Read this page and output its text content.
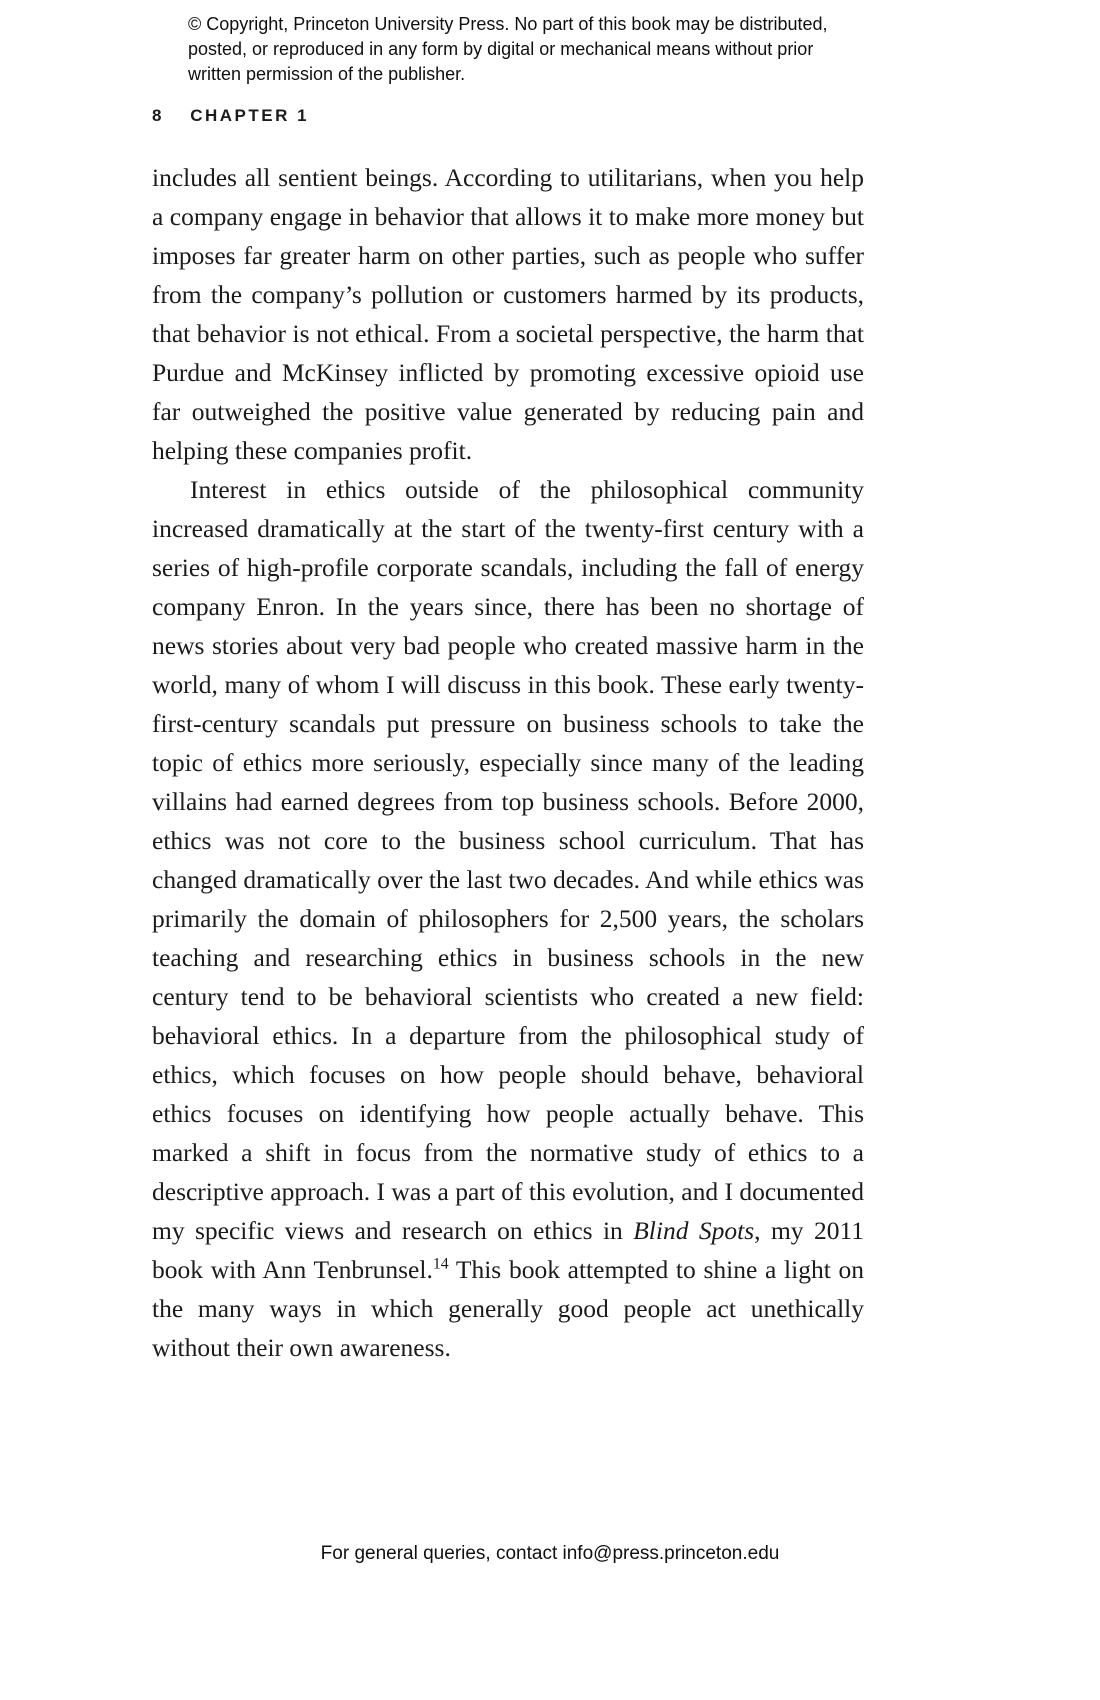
© Copyright, Princeton University Press. No part of this book may be distributed, posted, or reproduced in any form by digital or mechanical means without prior written permission of the publisher.
8 CHAPTER 1

includes all sentient beings. According to utilitarians, when you help a company engage in behavior that allows it to make more money but imposes far greater harm on other parties, such as people who suffer from the company’s pollution or customers harmed by its products, that behavior is not ethical. From a societal perspective, the harm that Purdue and McKinsey inflicted by promoting excessive opioid use far outweighed the positive value generated by reducing pain and helping these companies profit.

Interest in ethics outside of the philosophical community increased dramatically at the start of the twenty-first century with a series of high-profile corporate scandals, including the fall of energy company Enron. In the years since, there has been no shortage of news stories about very bad people who created massive harm in the world, many of whom I will discuss in this book. These early twenty-first-century scandals put pressure on business schools to take the topic of ethics more seriously, especially since many of the leading villains had earned degrees from top business schools. Before 2000, ethics was not core to the business school curriculum. That has changed dramatically over the last two decades. And while ethics was primarily the domain of philosophers for 2,500 years, the scholars teaching and researching ethics in business schools in the new century tend to be behavioral scientists who created a new field: behavioral ethics. In a departure from the philosophical study of ethics, which focuses on how people should behave, behavioral ethics focuses on identifying how people actually behave. This marked a shift in focus from the normative study of ethics to a descriptive approach. I was a part of this evolution, and I documented my specific views and research on ethics in Blind Spots, my 2011 book with Ann Tenbrunsel.$^{14}$ This book attempted to shine a light on the many ways in which generally good people act unethically without their own awareness.

For general queries, contact info@press.princeton.edu
